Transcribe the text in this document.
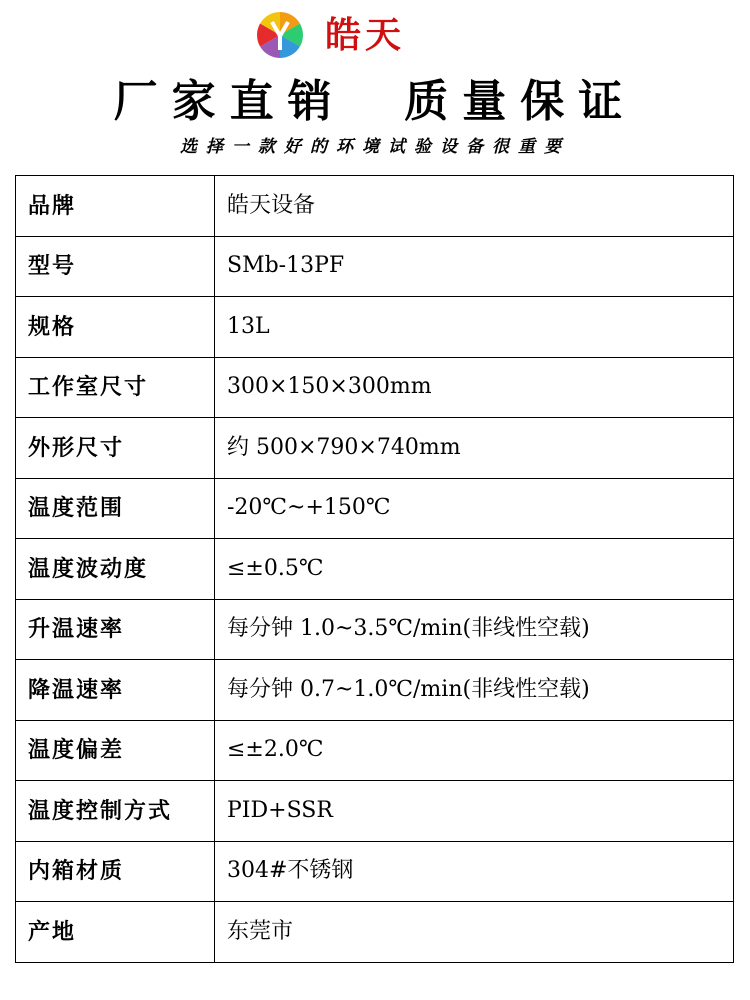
皓天
厂家直销  质量保证
选择一款好的环境试验设备很重要
品牌	皓天设备
型号	SMb-13PF
规格	13L
工作室尺寸	300×150×300mm
外形尺寸	约 500×790×740mm
温度范围	-20℃~+150℃
温度波动度	≤±0.5℃
升温速率	每分钟 1.0~3.5℃/min(非线性空载)
降温速率	每分钟 0.7~1.0℃/min(非线性空载)
温度偏差	≤±2.0℃
温度控制方式	PID+SSR
内箱材质	304#不锈钢
产地	东莞市
